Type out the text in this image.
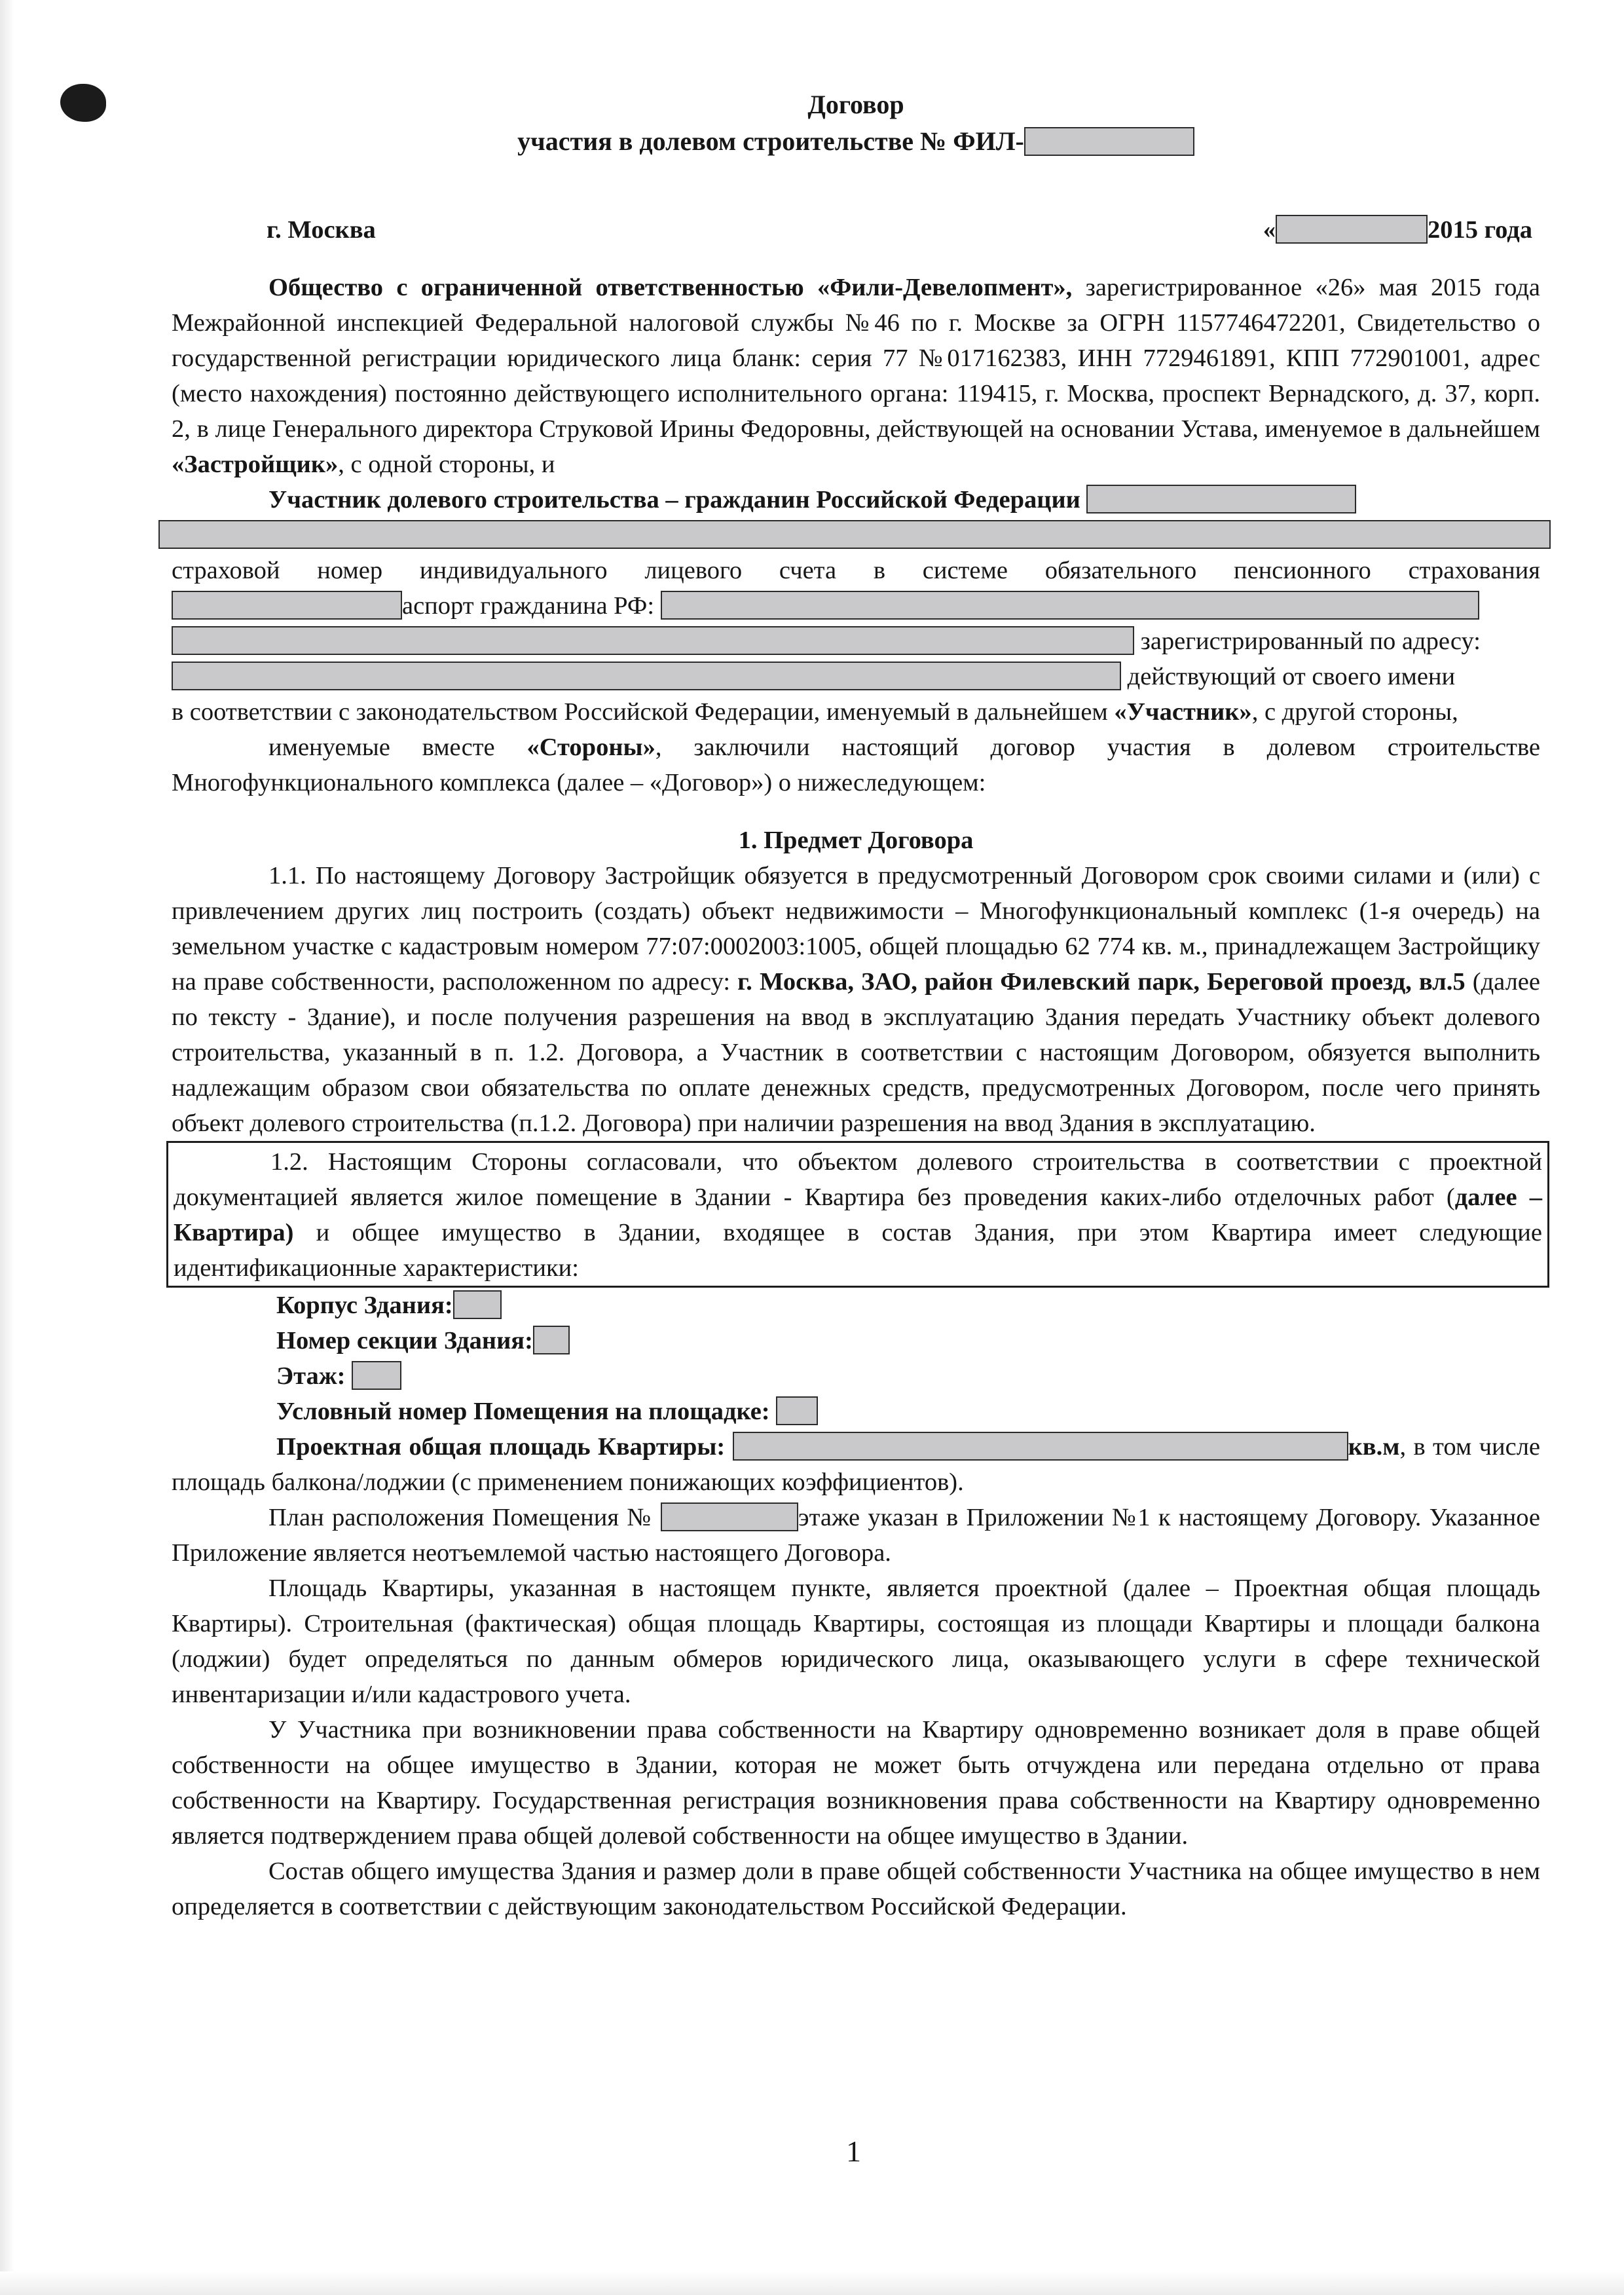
Договор
участия в долевом строительстве № ФИЛ-
г. Москва	«	2015 года

Общество с ограниченной ответственностью «Фили-Девелопмент», зарегистрированное «26» мая 2015 года Межрайонной инспекцией Федеральной налоговой службы №46 по г. Москве за ОГРН 1157746472201, Свидетельство о государственной регистрации юридического лица бланк: серия 77 №017162383, ИНН 7729461891, КПП 772901001, адрес (место нахождения) постоянно действующего исполнительного органа: 119415, г. Москва, проспект Вернадского, д. 37, корп. 2, в лице Генерального директора Струковой Ирины Федоровны, действующей на основании Устава, именуемое в дальнейшем «Застройщик», с одной стороны, и

Участник долевого строительства – гражданин Российской Федерации

страховой номер индивидуального лицевого счета в системе обязательного пенсионного страхования

аспорт гражданина РФ:

зарегистрированный по адресу:

действующий от своего имени

в соответствии с законодательством Российской Федерации, именуемый в дальнейшем «Участник», с другой стороны,

именуемые вместе «Стороны», заключили настоящий договор участия в долевом строительстве Многофункционального комплекса (далее – «Договор») о нижеследующем:

1. Предмет Договора

1.1. По настоящему Договору Застройщик обязуется в предусмотренный Договором срок своими силами и (или) с привлечением других лиц построить (создать) объект недвижимости – Многофункциональный комплекс (1-я очередь) на земельном участке с кадастровым номером 77:07:0002003:1005, общей площадью 62 774 кв. м., принадлежащем Застройщику на праве собственности, расположенном по адресу: г. Москва, ЗАО, район Филевский парк, Береговой проезд, вл.5 (далее по тексту - Здание), и после получения разрешения на ввод в эксплуатацию Здания передать Участнику объект долевого строительства, указанный в п. 1.2. Договора, а Участник в соответствии с настоящим Договором, обязуется выполнить надлежащим образом свои обязательства по оплате денежных средств, предусмотренных Договором, после чего принять объект долевого строительства (п.1.2. Договора) при наличии разрешения на ввод Здания в эксплуатацию.

1.2. Настоящим Стороны согласовали, что объектом долевого строительства в соответствии с проектной документацией является жилое помещение в Здании - Квартира без проведения каких-либо отделочных работ (далее – Квартира) и общее имущество в Здании, входящее в состав Здания, при этом Квартира имеет следующие идентификационные характеристики:

Корпус Здания:
Номер секции Здания:
Этаж:
Условный номер Помещения на площадке:

Проектная общая площадь Квартиры:	кв.м, в том числе площадь балкона/лоджии (с применением понижающих коэффициентов).

План расположения Помещения №	этаже указан в Приложении №1 к настоящему Договору. Указанное Приложение является неотъемлемой частью настоящего Договора.

Площадь Квартиры, указанная в настоящем пункте, является проектной (далее – Проектная общая площадь Квартиры). Строительная (фактическая) общая площадь Квартиры, состоящая из площади Квартиры и площади балкона (лоджии) будет определяться по данным обмеров юридического лица, оказывающего услуги в сфере технической инвентаризации и/или кадастрового учета.

У Участника при возникновении права собственности на Квартиру одновременно возникает доля в праве общей собственности на общее имущество в Здании, которая не может быть отчуждена или передана отдельно от права собственности на Квартиру. Государственная регистрация возникновения права собственности на Квартиру одновременно является подтверждением права общей долевой собственности на общее имущество в Здании.

Состав общего имущества Здания и размер доли в праве общей собственности Участника на общее имущество в нем определяется в соответствии с действующим законодательством Российской Федерации.

1
